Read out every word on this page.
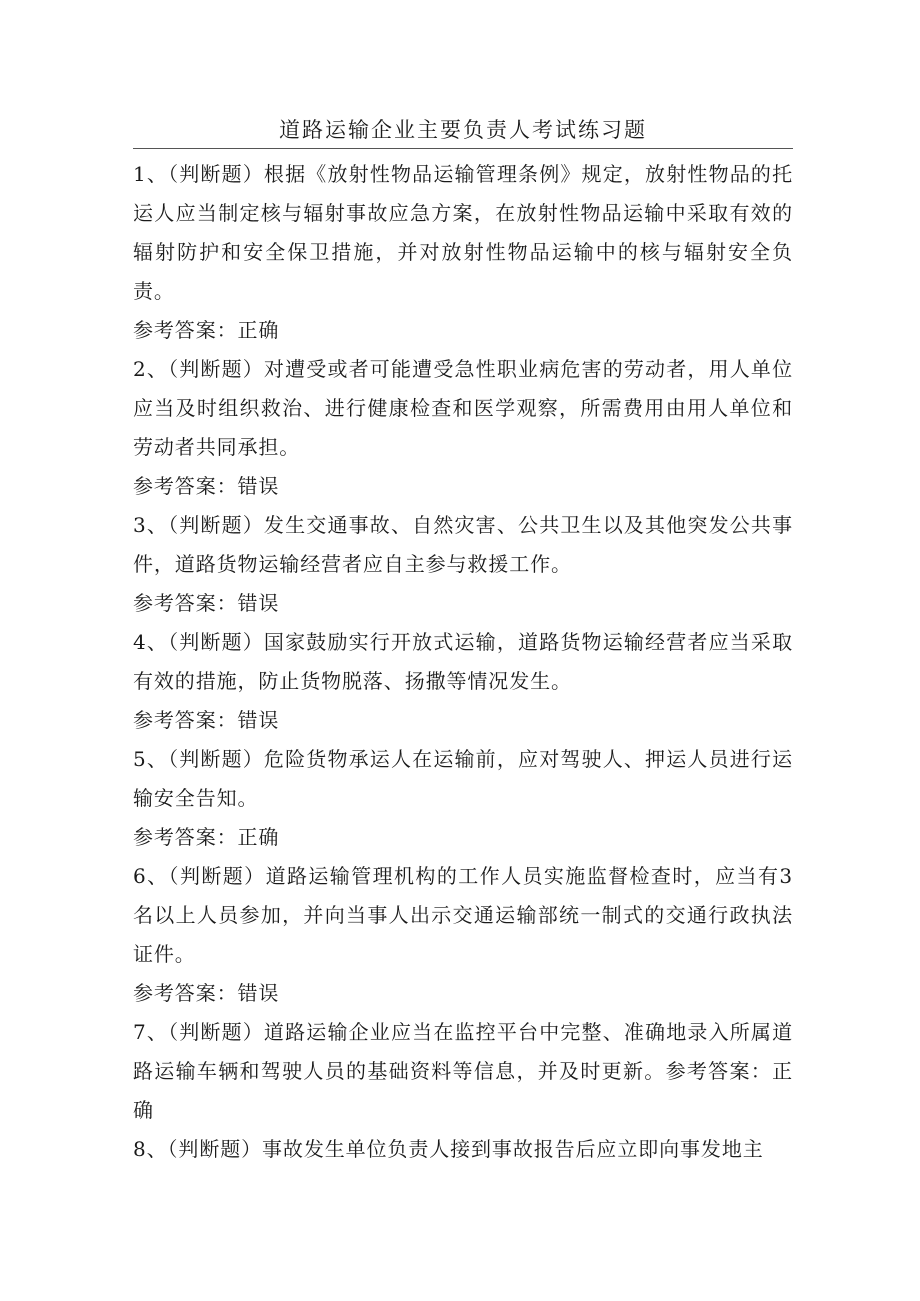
道路运输企业主要负责人考试练习题

1、（判断题）根据《放射性物品运输管理条例》规定，放射性物品的托运人应当制定核与辐射事故应急方案，在放射性物品运输中采取有效的辐射防护和安全保卫措施，并对放射性物品运输中的核与辐射安全负责。

参考答案：正确

2、（判断题）对遭受或者可能遭受急性职业病危害的劳动者，用人单位应当及时组织救治、进行健康检查和医学观察，所需费用由用人单位和劳动者共同承担。

参考答案：错误

3、（判断题）发生交通事故、自然灾害、公共卫生以及其他突发公共事件，道路货物运输经营者应自主参与救援工作。

参考答案：错误

4、（判断题）国家鼓励实行开放式运输，道路货物运输经营者应当采取有效的措施，防止货物脱落、扬撒等情况发生。

参考答案：错误

5、（判断题）危险货物承运人在运输前，应对驾驶人、押运人员进行运输安全告知。

参考答案：正确

6、（判断题）道路运输管理机构的工作人员实施监督检查时，应当有3名以上人员参加，并向当事人出示交通运输部统一制式的交通行政执法证件。

参考答案：错误

7、（判断题）道路运输企业应当在监控平台中完整、准确地录入所属道路运输车辆和驾驶人员的基础资料等信息，并及时更新。参考答案：正确

8、（判断题）事故发生单位负责人接到事故报告后应立即向事发地主
